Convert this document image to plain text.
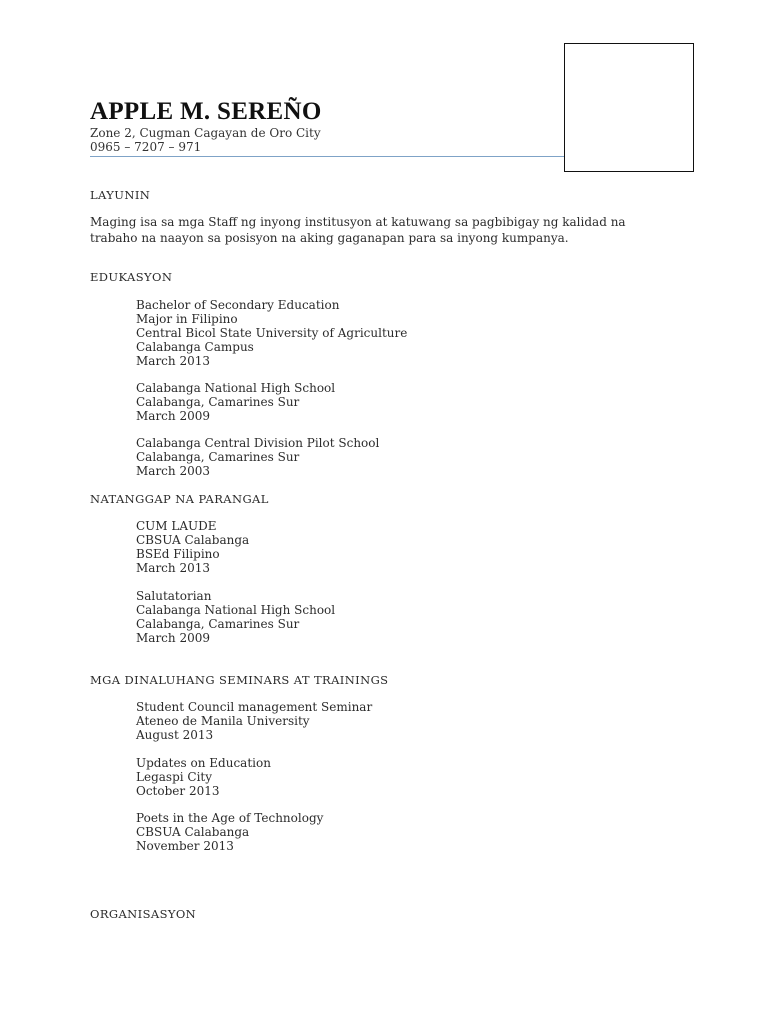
APPLE M. SEREÑO

Zone 2, Cugman Cagayan de Oro City

0965 – 7207 – 971

LAYUNIN

Maging isa sa mga Staff ng inyong institusyon at katuwang sa pagbibigay ng kalidad na
trabaho na naayon sa posisyon na aking gaganapan para sa inyong kumpanya.

EDUKASYON

Bachelor of Secondary Education

Major in Filipino

Central Bicol State University of Agriculture

Calabanga Campus

March 2013

Calabanga National High School

Calabanga, Camarines Sur

March 2009

Calabanga Central Division Pilot School

Calabanga, Camarines Sur

March 2003

NATANGGAP NA PARANGAL

CUM LAUDE

CBSUA Calabanga

BSEd Filipino

March 2013

Salutatorian

Calabanga National High School

Calabanga, Camarines Sur

March 2009

MGA DINALUHANG SEMINARS AT TRAININGS

Student Council management Seminar

Ateneo de Manila University

August 2013

Updates on Education

Legaspi City

October 2013

Poets in the Age of Technology

CBSUA Calabanga

November 2013

ORGANISASYON
